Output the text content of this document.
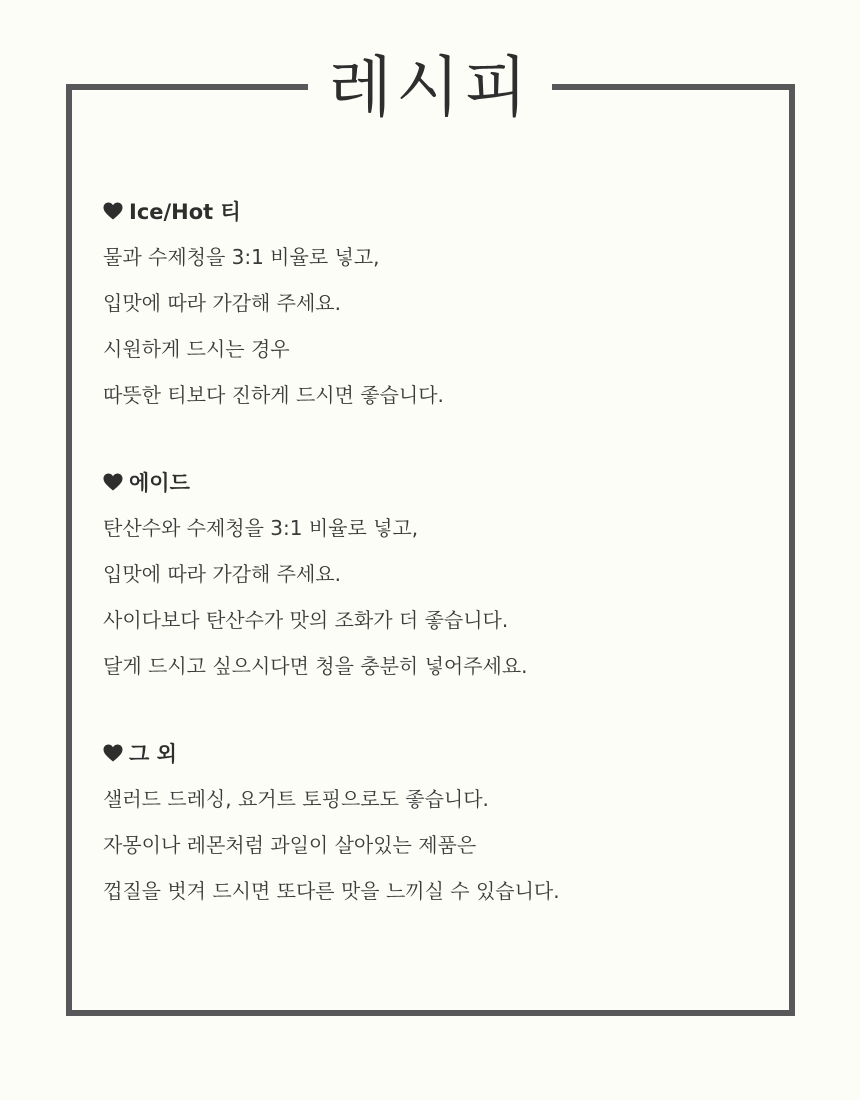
레시피
Ice/Hot 티
물과 수제청을 3:1 비율로 넣고,
입맛에 따라 가감해 주세요.
시원하게 드시는 경우
따뜻한 티보다 진하게 드시면 좋습니다.
에이드
탄산수와 수제청을 3:1 비율로 넣고,
입맛에 따라 가감해 주세요.
사이다보다 탄산수가 맛의 조화가 더 좋습니다.
달게 드시고 싶으시다면 청을 충분히 넣어주세요.
그 외
샐러드 드레싱, 요거트 토핑으로도 좋습니다.
자몽이나 레몬처럼 과일이 살아있는 제품은
껍질을 벗겨 드시면 또다른 맛을 느끼실 수 있습니다.
